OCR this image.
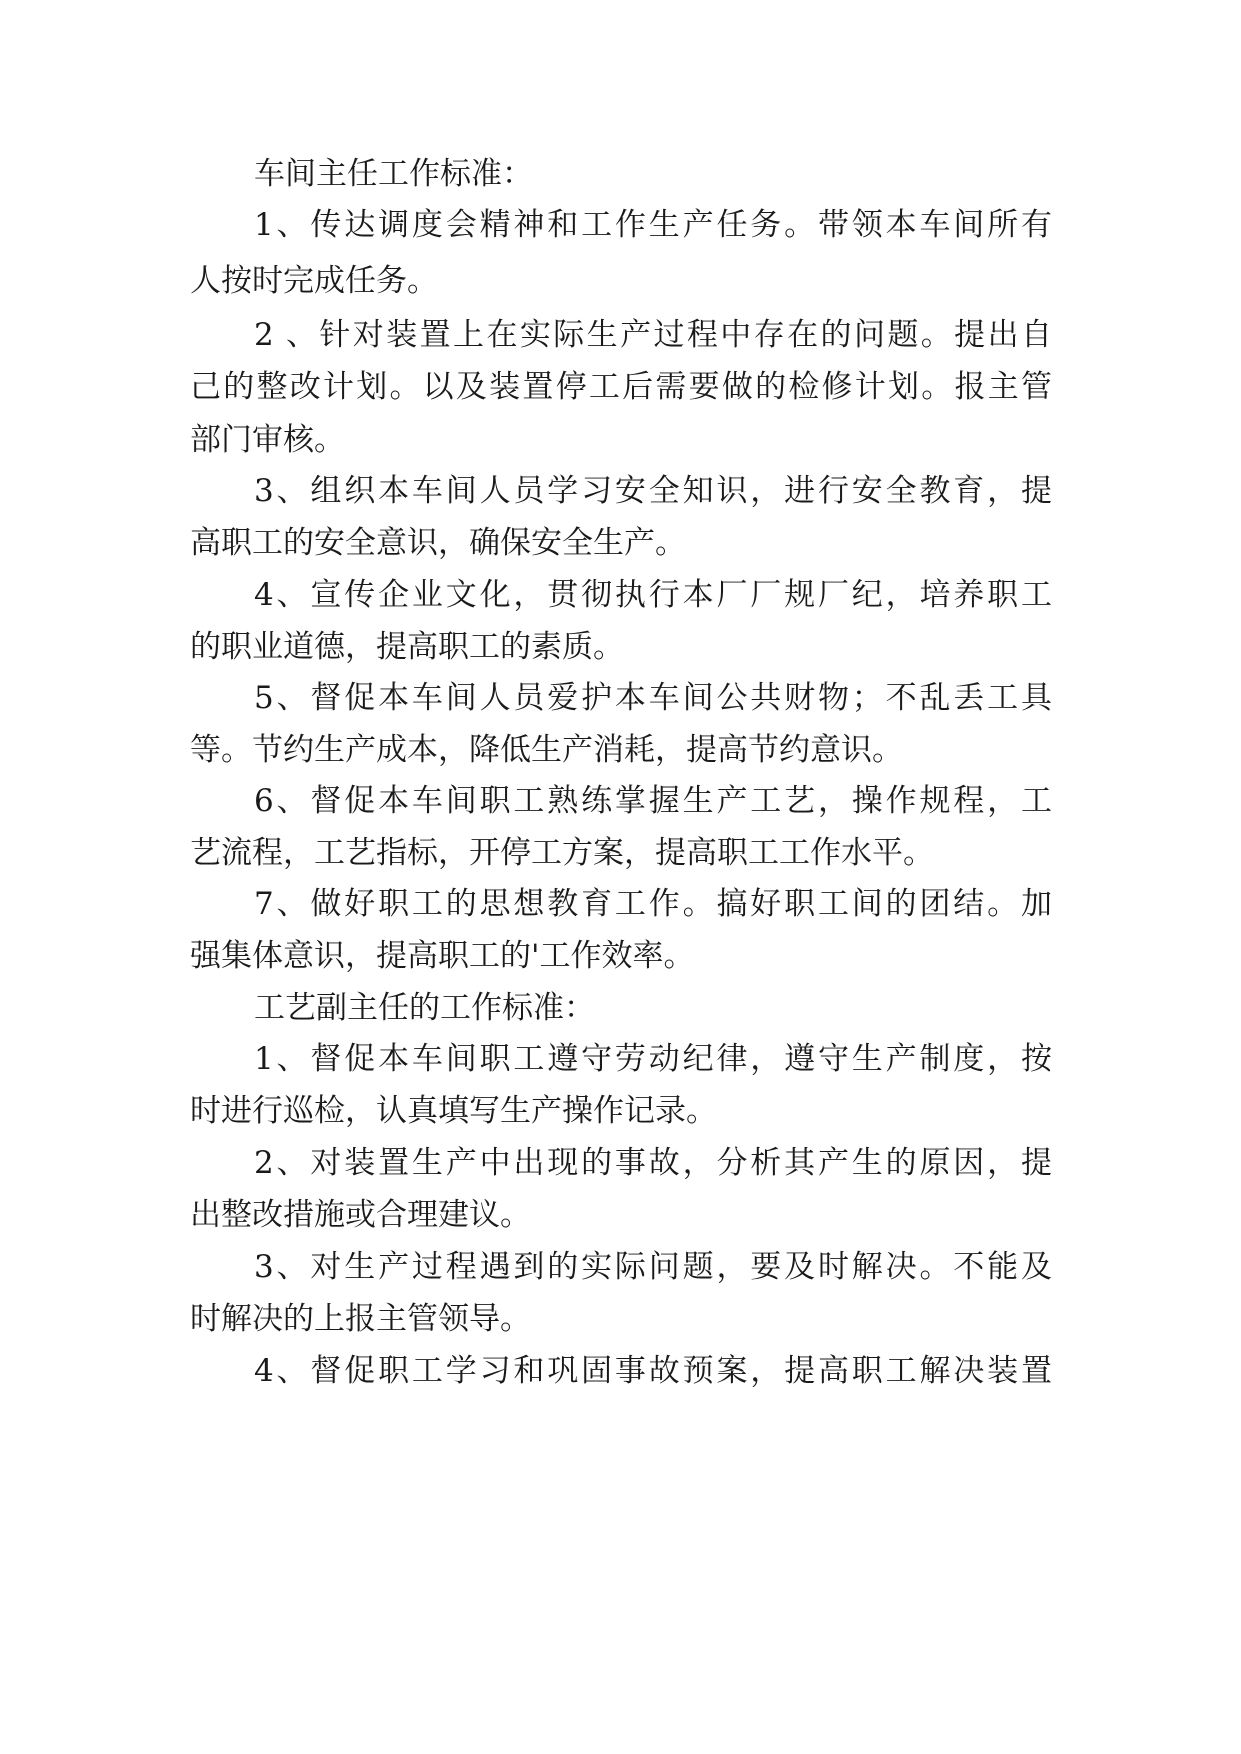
车间主任工作标准：
1、传达调度会精神和工作生产任务。带领本车间所有
人按时完成任务。
2 、针对装置上在实际生产过程中存在的问题。提出自
己的整改计划。以及装置停工后需要做的检修计划。报主管
部门审核。
3、组织本车间人员学习安全知识，进行安全教育，提
高职工的安全意识，确保安全生产。
4、宣传企业文化，贯彻执行本厂厂规厂纪，培养职工
的职业道德，提高职工的素质。
5、督促本车间人员爱护本车间公共财物；不乱丢工具
等。节约生产成本，降低生产消耗，提高节约意识。
6、督促本车间职工熟练掌握生产工艺，操作规程，工
艺流程，工艺指标，开停工方案，提高职工工作水平。
7、做好职工的思想教育工作。搞好职工间的团结。加
强集体意识，提高职工的'工作效率。
工艺副主任的工作标准：
1、督促本车间职工遵守劳动纪律，遵守生产制度，按
时进行巡检，认真填写生产操作记录。
2、对装置生产中出现的事故，分析其产生的原因，提
出整改措施或合理建议。
3、对生产过程遇到的实际问题，要及时解决。不能及
时解决的上报主管领导。
4、督促职工学习和巩固事故预案，提高职工解决装置
